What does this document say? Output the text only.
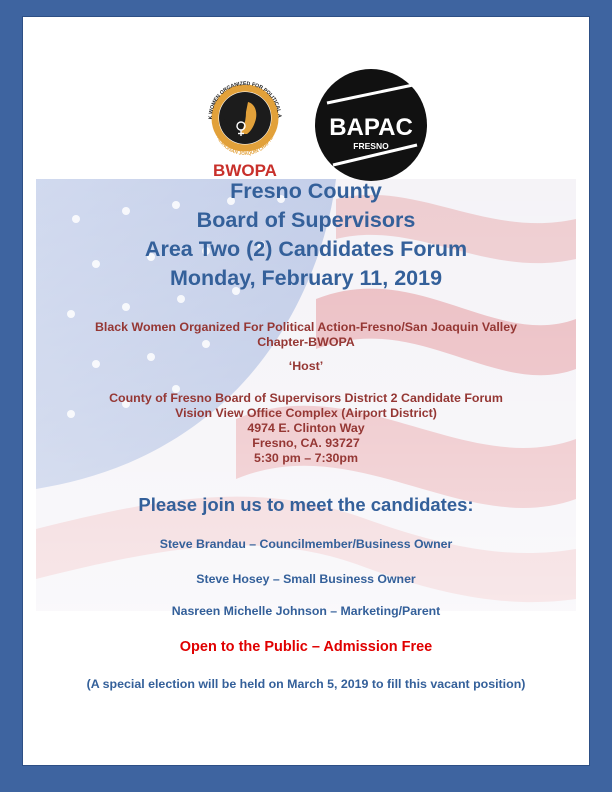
K WOMEN ORGANIZED FOR POLITICAL A
FRESNO/SAN JOAQUIN CHAPTER
BWOPA
BAPAC
FRESNO
Fresno County
Board of Supervisors
Area Two (2) Candidates Forum
Monday, February 11, 2019
Black Women Organized For Political Action-Fresno/San Joaquin Valley
Chapter-BWOPA
‘Host’
County of Fresno Board of Supervisors District 2 Candidate Forum
Vision View Office Complex (Airport District)
4974 E. Clinton Way
Fresno, CA. 93727
5:30 pm – 7:30pm
Please join us to meet the candidates:
Steve Brandau – Councilmember/Business Owner
Steve Hosey – Small Business Owner
Nasreen Michelle Johnson – Marketing/Parent
Open to the Public – Admission Free
(A special election will be held on March 5, 2019 to fill this vacant position)
